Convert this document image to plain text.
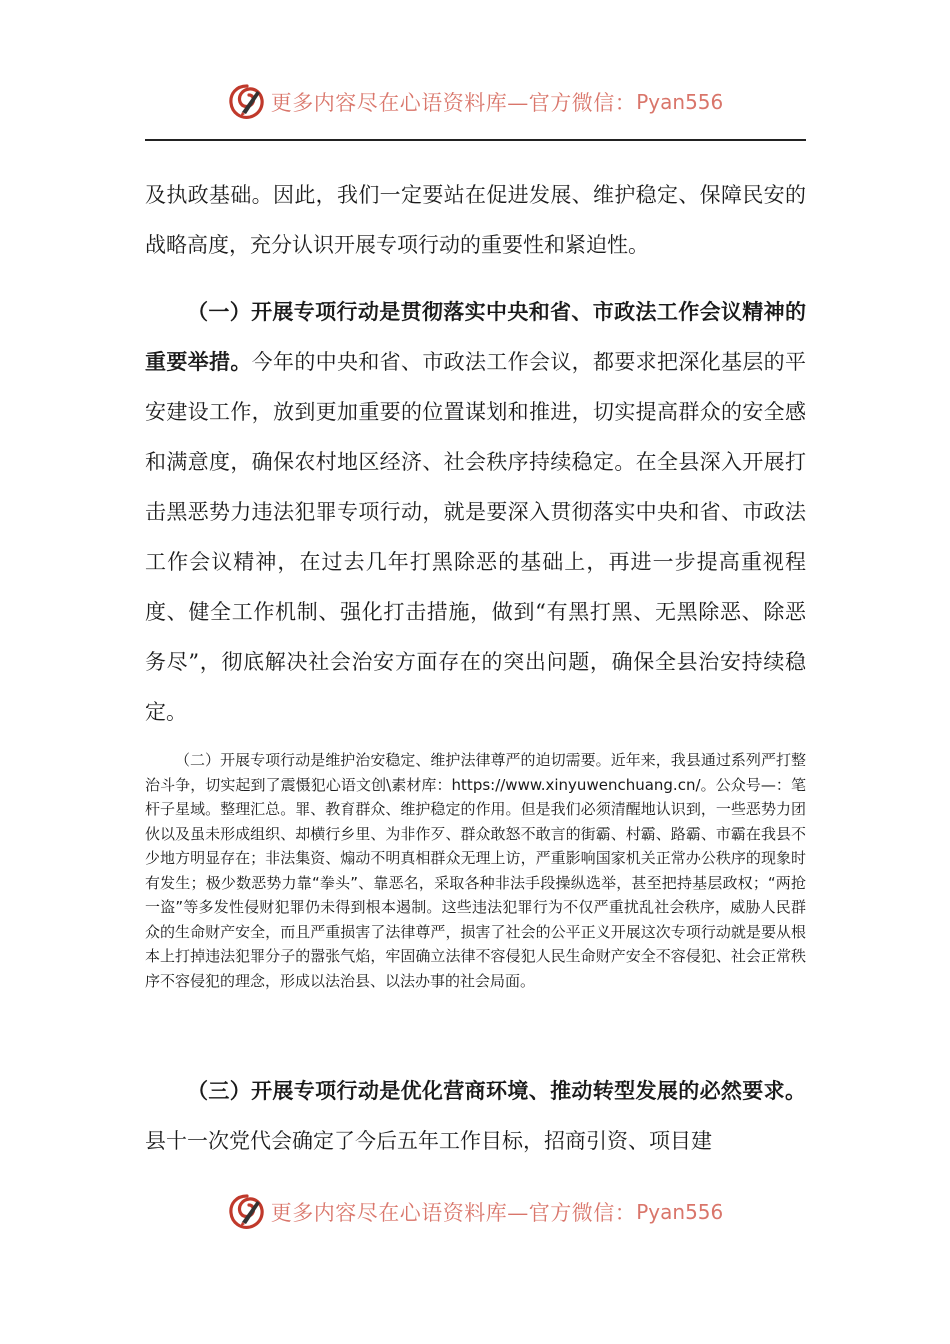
更多内容尽在心语资料库—官方微信： Pyan556

及执政基础。因此，我们一定要站在促进发展、维护稳定、保障民安的战略高度，充分认识开展专项行动的重要性和紧迫性。

（一）开展专项行动是贯彻落实中央和省、市政法工作会议精神的重要举措。今年的中央和省、市政法工作会议，都要求把深化基层的平安建设工作，放到更加重要的位置谋划和推进，切实提高群众的安全感和满意度，确保农村地区经济、社会秩序持续稳定。在全县深入开展打击黑恶势力违法犯罪专项行动，就是要深入贯彻落实中央和省、市政法工作会议精神，在过去几年打黑除恶的基础上，再进一步提高重视程度、健全工作机制、强化打击措施，做到“有黑打黑、无黑除恶、除恶务尽”，彻底解决社会治安方面存在的突出问题，确保全县治安持续稳定。

（二）开展专项行动是维护治安稳定、维护法律尊严的迫切需要。近年来，我县通过系列严打整治斗争，切实起到了震慑犯心语文创\素材库：https://www.xinyuwenchuang.cn/。公众号—：笔杆子星域。整理汇总。罪、教育群众、维护稳定的作用。但是我们必须清醒地认识到，一些恶势力团伙以及虽未形成组织、却横行乡里、为非作歹、群众敢怒不敢言的街霸、村霸、路霸、市霸在我县不少地方明显存在；非法集资、煽动不明真相群众无理上访，严重影响国家机关正常办公秩序的现象时有发生；极少数恶势力靠“拳头”、靠恶名，采取各种非法手段操纵选举，甚至把持基层政权；“两抢一盗”等多发性侵财犯罪仍未得到根本遏制。这些违法犯罪行为不仅严重扰乱社会秩序，威胁人民群众的生命财产安全，而且严重损害了法律尊严，损害了社会的公平正义开展这次专项行动就是要从根本上打掉违法犯罪分子的嚣张气焰，牢固确立法律不容侵犯人民生命财产安全不容侵犯、社会正常秩序不容侵犯的理念，形成以法治县、以法办事的社会局面。

（三）开展专项行动是优化营商环境、推动转型发展的必然要求。县十一次党代会确定了今后五年工作目标，招商引资、项目建

更多内容尽在心语资料库—官方微信： Pyan556
